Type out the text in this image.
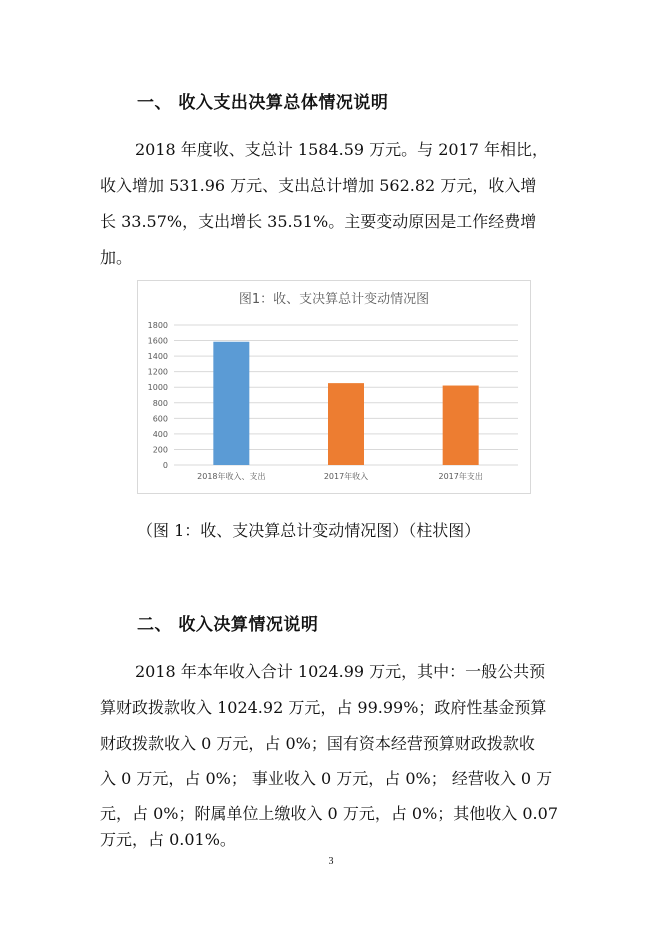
一、 收入支出决算总体情况说明
2018 年度收、支总计 1584.59 万元。与 2017 年相比，
收入增加 531.96 万元、支出总计增加 562.82 万元，收入增
长 33.57%，支出增长 35.51%。主要变动原因是工作经费增
加。
图1：收、支决算总计变动情况图
0
200
400
600
800
1000
1200
1400
1600
1800
2018年收入、支出	2017年收入	2017年支出
（图 1：收、支决算总计变动情况图）（柱状图）
二、 收入决算情况说明
2018 年本年收入合计 1024.99 万元，其中：一般公共预
算财政拨款收入 1024.92 万元，占 99.99%；政府性基金预算
财政拨款收入 0 万元，占 0%；国有资本经营预算财政拨款收
入 0 万元，占 0%； 事业收入 0 万元，占 0%； 经营收入 0 万
元，占 0%；附属单位上缴收入 0 万元，占 0%；其他收入 0.07
万元，占 0.01%。
3
